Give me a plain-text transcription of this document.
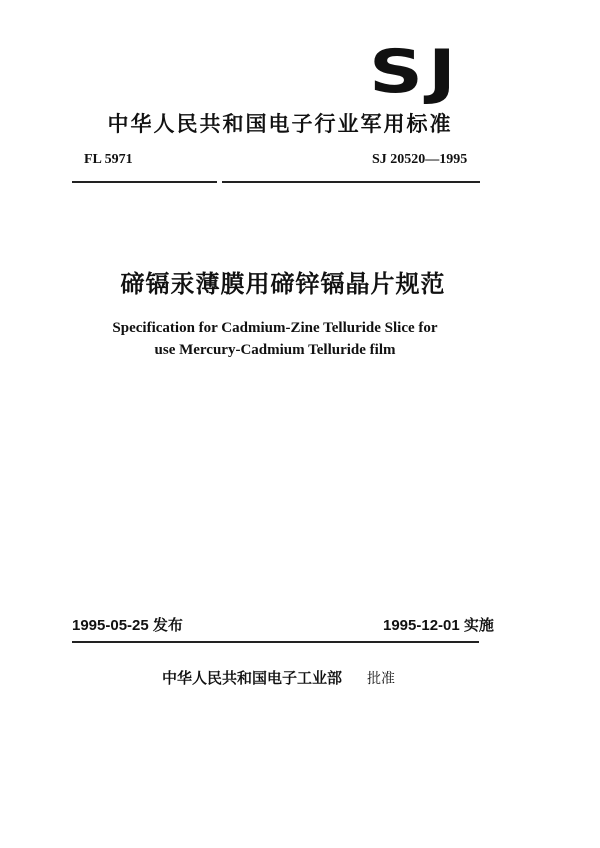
SJ
中华人民共和国电子行业军用标准
FL 5971	SJ 20520—1995
碲镉汞薄膜用碲锌镉晶片规范
Specification for Cadmium-Zine Telluride Slice for
use Mercury-Cadmium Telluride film
1995-05-25 发布	1995-12-01 实施
中华人民共和国电子工业部 批准
